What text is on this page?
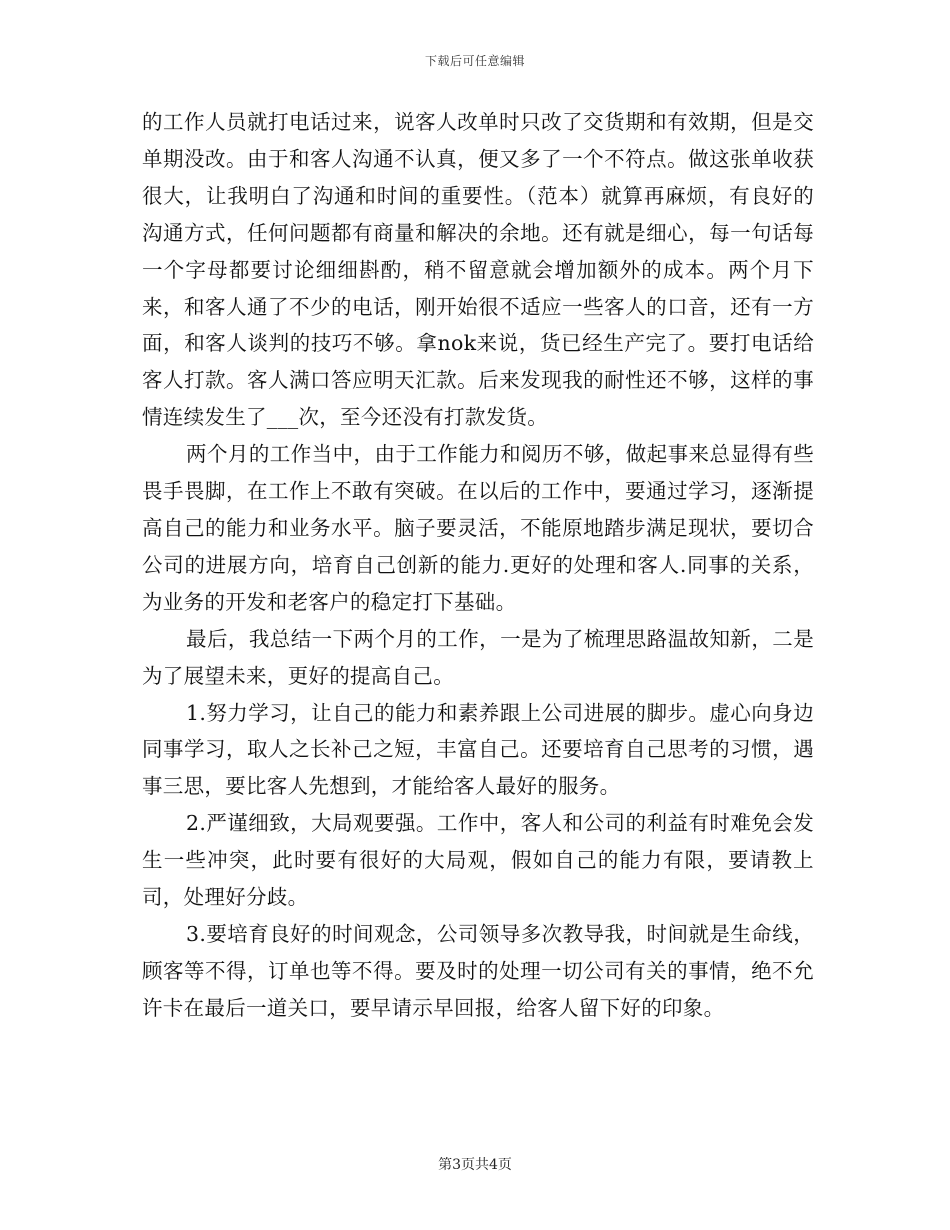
下载后可任意编辑

的工作人员就打电话过来，说客人改单时只改了交货期和有效期，但是交单期没改。由于和客人沟通不认真，便又多了一个不符点。做这张单收获很大，让我明白了沟通和时间的重要性。（范本）就算再麻烦，有良好的沟通方式，任何问题都有商量和解决的余地。还有就是细心，每一句话每一个字母都要讨论细细斟酌，稍不留意就会增加额外的成本。两个月下来，和客人通了不少的电话，刚开始很不适应一些客人的口音，还有一方面，和客人谈判的技巧不够。拿nok来说，货已经生产完了。要打电话给客人打款。客人满口答应明天汇款。后来发现我的耐性还不够，这样的事情连续发生了___次，至今还没有打款发货。

两个月的工作当中，由于工作能力和阅历不够，做起事来总显得有些畏手畏脚，在工作上不敢有突破。在以后的工作中，要通过学习，逐渐提高自己的能力和业务水平。脑子要灵活，不能原地踏步满足现状，要切合公司的进展方向，培育自己创新的能力.更好的处理和客人.同事的关系，为业务的开发和老客户的稳定打下基础。

最后，我总结一下两个月的工作，一是为了梳理思路温故知新，二是为了展望未来，更好的提高自己。

1.努力学习，让自己的能力和素养跟上公司进展的脚步。虚心向身边同事学习，取人之长补己之短，丰富自己。还要培育自己思考的习惯，遇事三思，要比客人先想到，才能给客人最好的服务。

2.严谨细致，大局观要强。工作中，客人和公司的利益有时难免会发生一些冲突，此时要有很好的大局观，假如自己的能力有限，要请教上司，处理好分歧。

3.要培育良好的时间观念，公司领导多次教导我，时间就是生命线，顾客等不得，订单也等不得。要及时的处理一切公司有关的事情，绝不允许卡在最后一道关口，要早请示早回报，给客人留下好的印象。

第3页共4页
